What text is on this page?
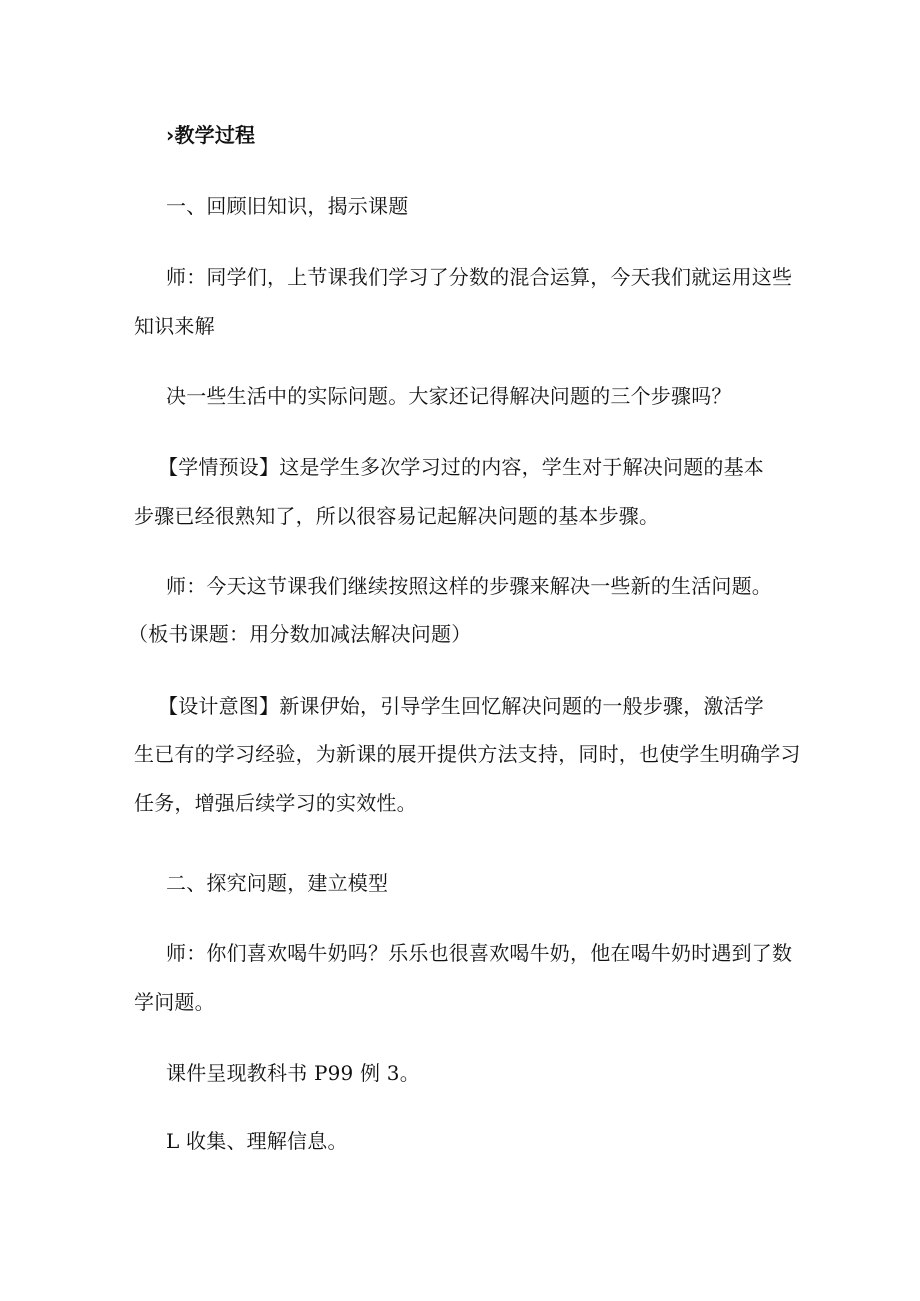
›教学过程
一、回顾旧知识，揭示课题
师：同学们，上节课我们学习了分数的混合运算，今天我们就运用这些
知识来解
决一些生活中的实际问题。大家还记得解决问题的三个步骤吗？
【学情预设】这是学生多次学习过的内容，学生对于解决问题的基本
步骤已经很熟知了，所以很容易记起解决问题的基本步骤。
师：今天这节课我们继续按照这样的步骤来解决一些新的生活问题。
（板书课题：用分数加减法解决问题）
【设计意图】新课伊始，引导学生回忆解决问题的一般步骤，激活学
生已有的学习经验，为新课的展开提供方法支持，同时，也使学生明确学习
任务，增强后续学习的实效性。
二、探究问题，建立模型
师：你们喜欢喝牛奶吗？乐乐也很喜欢喝牛奶，他在喝牛奶时遇到了数
学问题。
课件呈现教科书 P99 例 3。
L 收集、理解信息。
